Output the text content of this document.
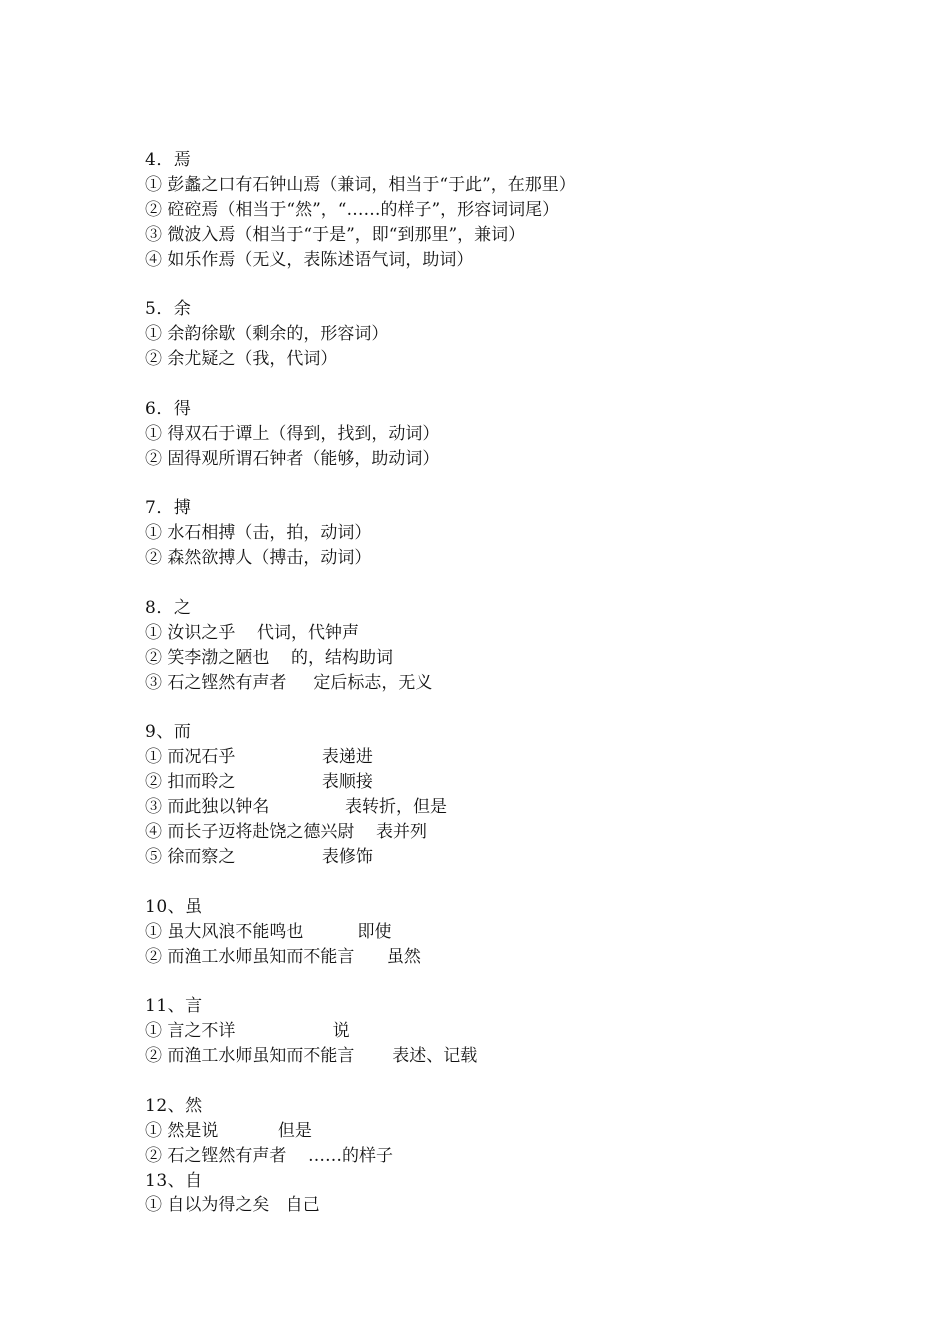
4．焉
① 彭蠡之口有石钟山焉（兼词，相当于“于此”，在那里）
② 硿硿焉（相当于“然”，“……的样子”，形容词词尾）
③ 微波入焉（相当于“于是”，即“到那里”，兼词）
④ 如乐作焉（无义，表陈述语气词，助词）
5．余
① 余韵徐歇（剩余的，形容词）
② 余尤疑之（我，代词）
6．得
① 得双石于谭上（得到，找到，动词）
② 固得观所谓石钟者（能够，助动词）
7．搏
① 水石相搏（击，拍，动词）
② 森然欲搏人（搏击，动词）
8．之
① 汝识之乎    代词，代钟声
② 笑李渤之陋也    的，结构助词
③ 石之铿然有声者     定后标志，无义
9、而
① 而况石乎                表递进
② 扣而聆之                表顺接
③ 而此独以钟名              表转折，但是
④ 而长子迈将赴饶之德兴尉    表并列
⑤ 徐而察之                表修饰
10、虽
① 虽大风浪不能鸣也          即使
② 而渔工水师虽知而不能言      虽然
11、言
① 言之不详                  说
② 而渔工水师虽知而不能言       表述、记载
12、然
① 然是说           但是
② 石之铿然有声者    ……的样子
13、自
① 自以为得之矣   自己
